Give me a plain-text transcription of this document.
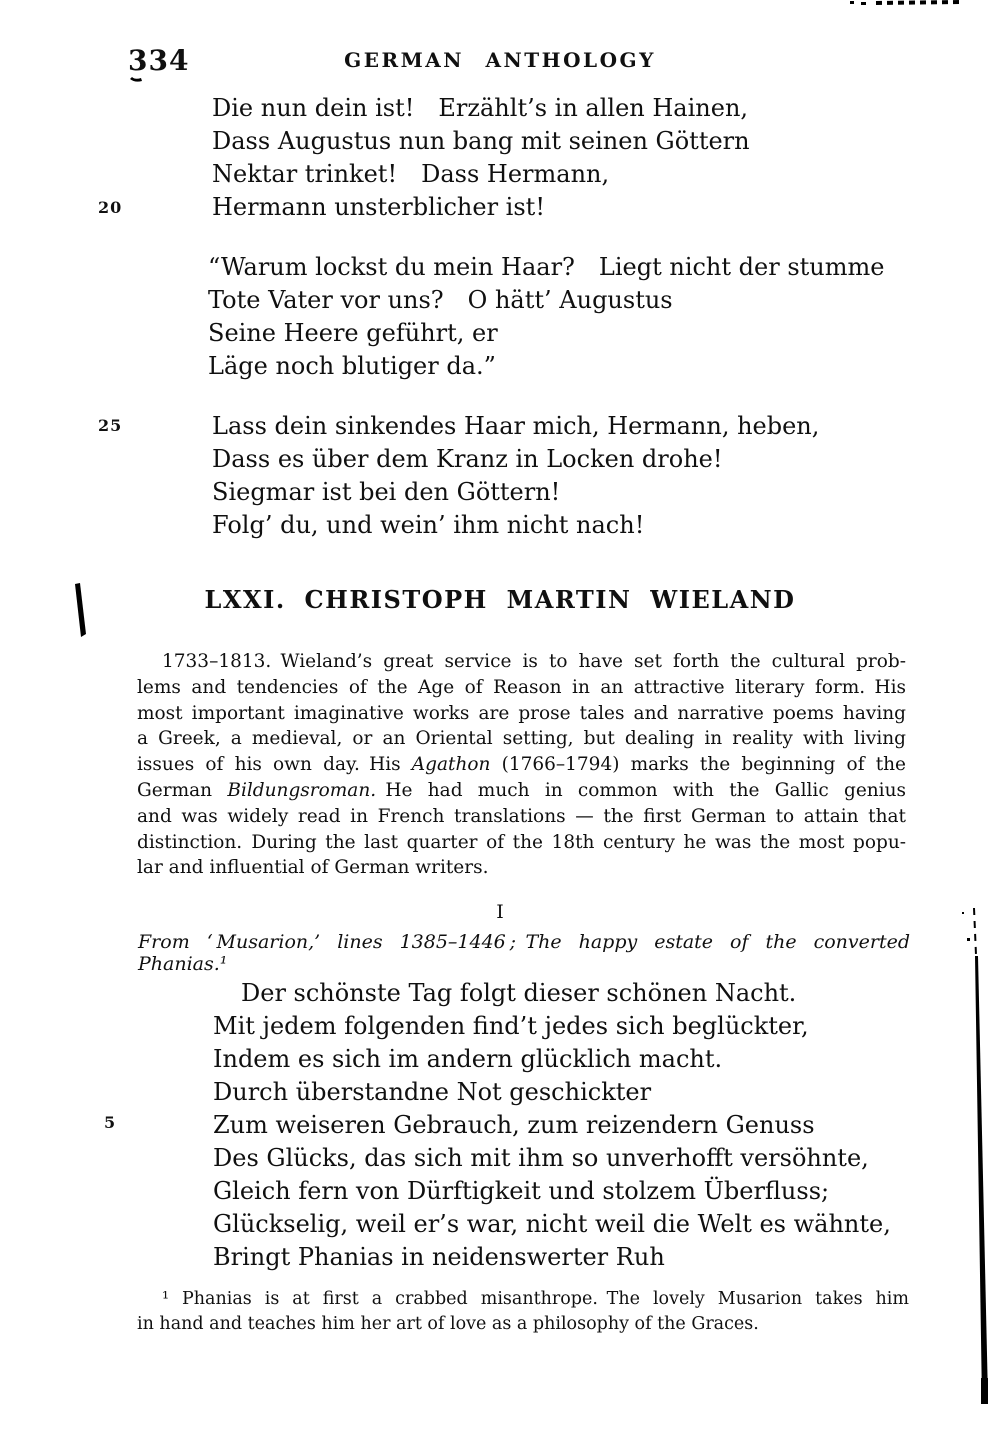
334	GERMAN ANTHOLOGY
Die nun dein ist! Erzählt’s in allen Hainen,
Dass Augustus nun bang mit seinen Göttern
Nektar trinket! Dass Hermann,
Hermann unsterblicher ist!
20
“Warum lockst du mein Haar? Liegt nicht der stumme
Tote Vater vor uns? O hätt’ Augustus
Seine Heere geführt, er
Läge noch blutiger da.”
Lass dein sinkendes Haar mich, Hermann, heben,
Dass es über dem Kranz in Locken drohe!
Siegmar ist bei den Göttern!
Folg’ du, und wein’ ihm nicht nach!
25
LXXI. CHRISTOPH MARTIN WIELAND
1733–1813. Wieland’s great service is to have set forth the cultural prob-
lems and tendencies of the Age of Reason in an attractive literary form. His
most important imaginative works are prose tales and narrative poems having
a Greek, a medieval, or an Oriental setting, but dealing in reality with living
issues of his own day. His Agathon (1766–1794) marks the beginning of the
German Bildungsroman. He had much in common with the Gallic genius
and was widely read in French translations — the first German to attain that
distinction. During the last quarter of the 18th century he was the most popu-
lar and influential of German writers.
I
From ‘ Musarion,’ lines 1385–1446 ; The happy estate of the converted Phanias.¹
Der schönste Tag folgt dieser schönen Nacht.
Mit jedem folgenden find’t jedes sich beglückter,
Indem es sich im andern glücklich macht.
Durch überstandne Not geschickter
Zum weiseren Gebrauch, zum reizendern Genuss
Des Glücks, das sich mit ihm so unverhofft versöhnte,
Gleich fern von Dürftigkeit und stolzem Überfluss;
Glückselig, weil er’s war, nicht weil die Welt es wähnte,
Bringt Phanias in neidenswerter Ruh
5
¹ Phanias is at first a crabbed misanthrope. The lovely Musarion takes him
in hand and teaches him her art of love as a philosophy of the Graces.
